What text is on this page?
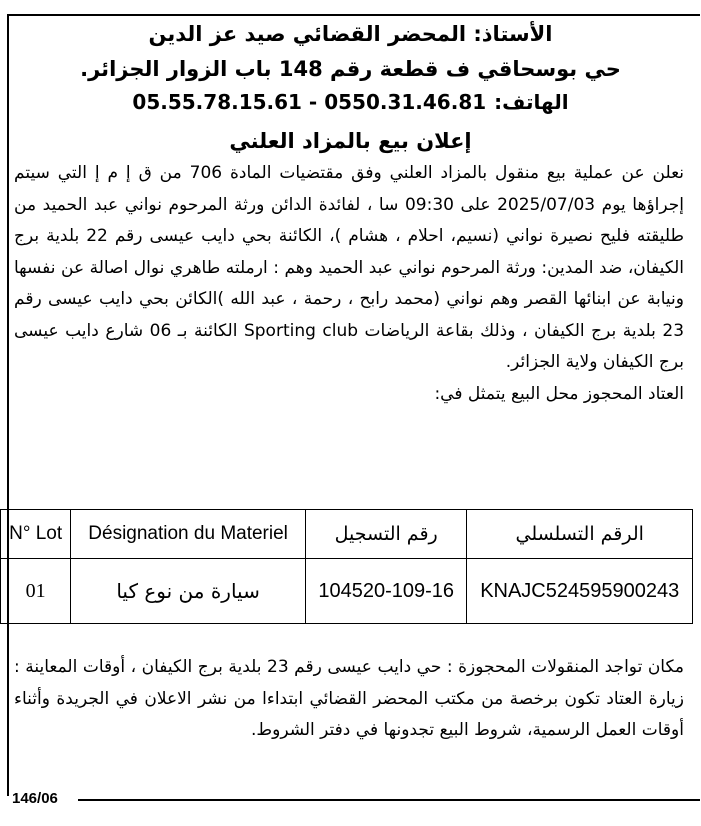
الأستاذ: المحضر القضائي صيد عز الدين
حي بوسحاقي ف قطعة رقم 148 باب الزوار الجزائر.
الهاتف:05.55.78.15.61 - 0550.31.46.81
إعلان بيع بالمزاد العلني
نعلن عن عملية بيع منقول بالمزاد العلني وفق مقتضيات المادة 706 من ق إ م إ التي سيتم إجراؤها يوم 2025/07/03 على 09:30 سا ، لفائدة الدائن ورثة المرحوم نواني عبد الحميد من طليقته فليح نصيرة نواني (نسيم، احلام ، هشام )، الكائنة بحي دايب عيسى رقم 22 بلدية برج الكيفان، ضد المدين: ورثة المرحوم نواني عبد الحميد وهم : ارملته طاهري نوال اصالة عن نفسها ونيابة عن ابنائها القصر وهم نواني (محمد رابح ، رحمة ، عبد الله )الكائن بحي دايب عيسى رقم 23 بلدية برج الكيفان ، وذلك بقاعة الرياضات Sporting club الكائنة بـ 06 شارع دايب عيسى برج الكيفان ولاية الجزائر.
العتاد المحجوز محل البيع يتمثل في:
N° Lot	Désignation du Materiel	رقم التسجيل	الرقم التسلسلي
01	سيارة من نوع كيا	104520-109-16	KNAJC524595900243
مكان تواجد المنقولات المحجوزة : حي دايب عيسى رقم 23 بلدية برج الكيفان ، أوقات المعاينة : زيارة العتاد تكون برخصة من مكتب المحضر القضائي ابتداءا من نشر الاعلان في الجريدة وأثناء أوقات العمل الرسمية، شروط البيع تجدونها في دفتر الشروط.
146/06
